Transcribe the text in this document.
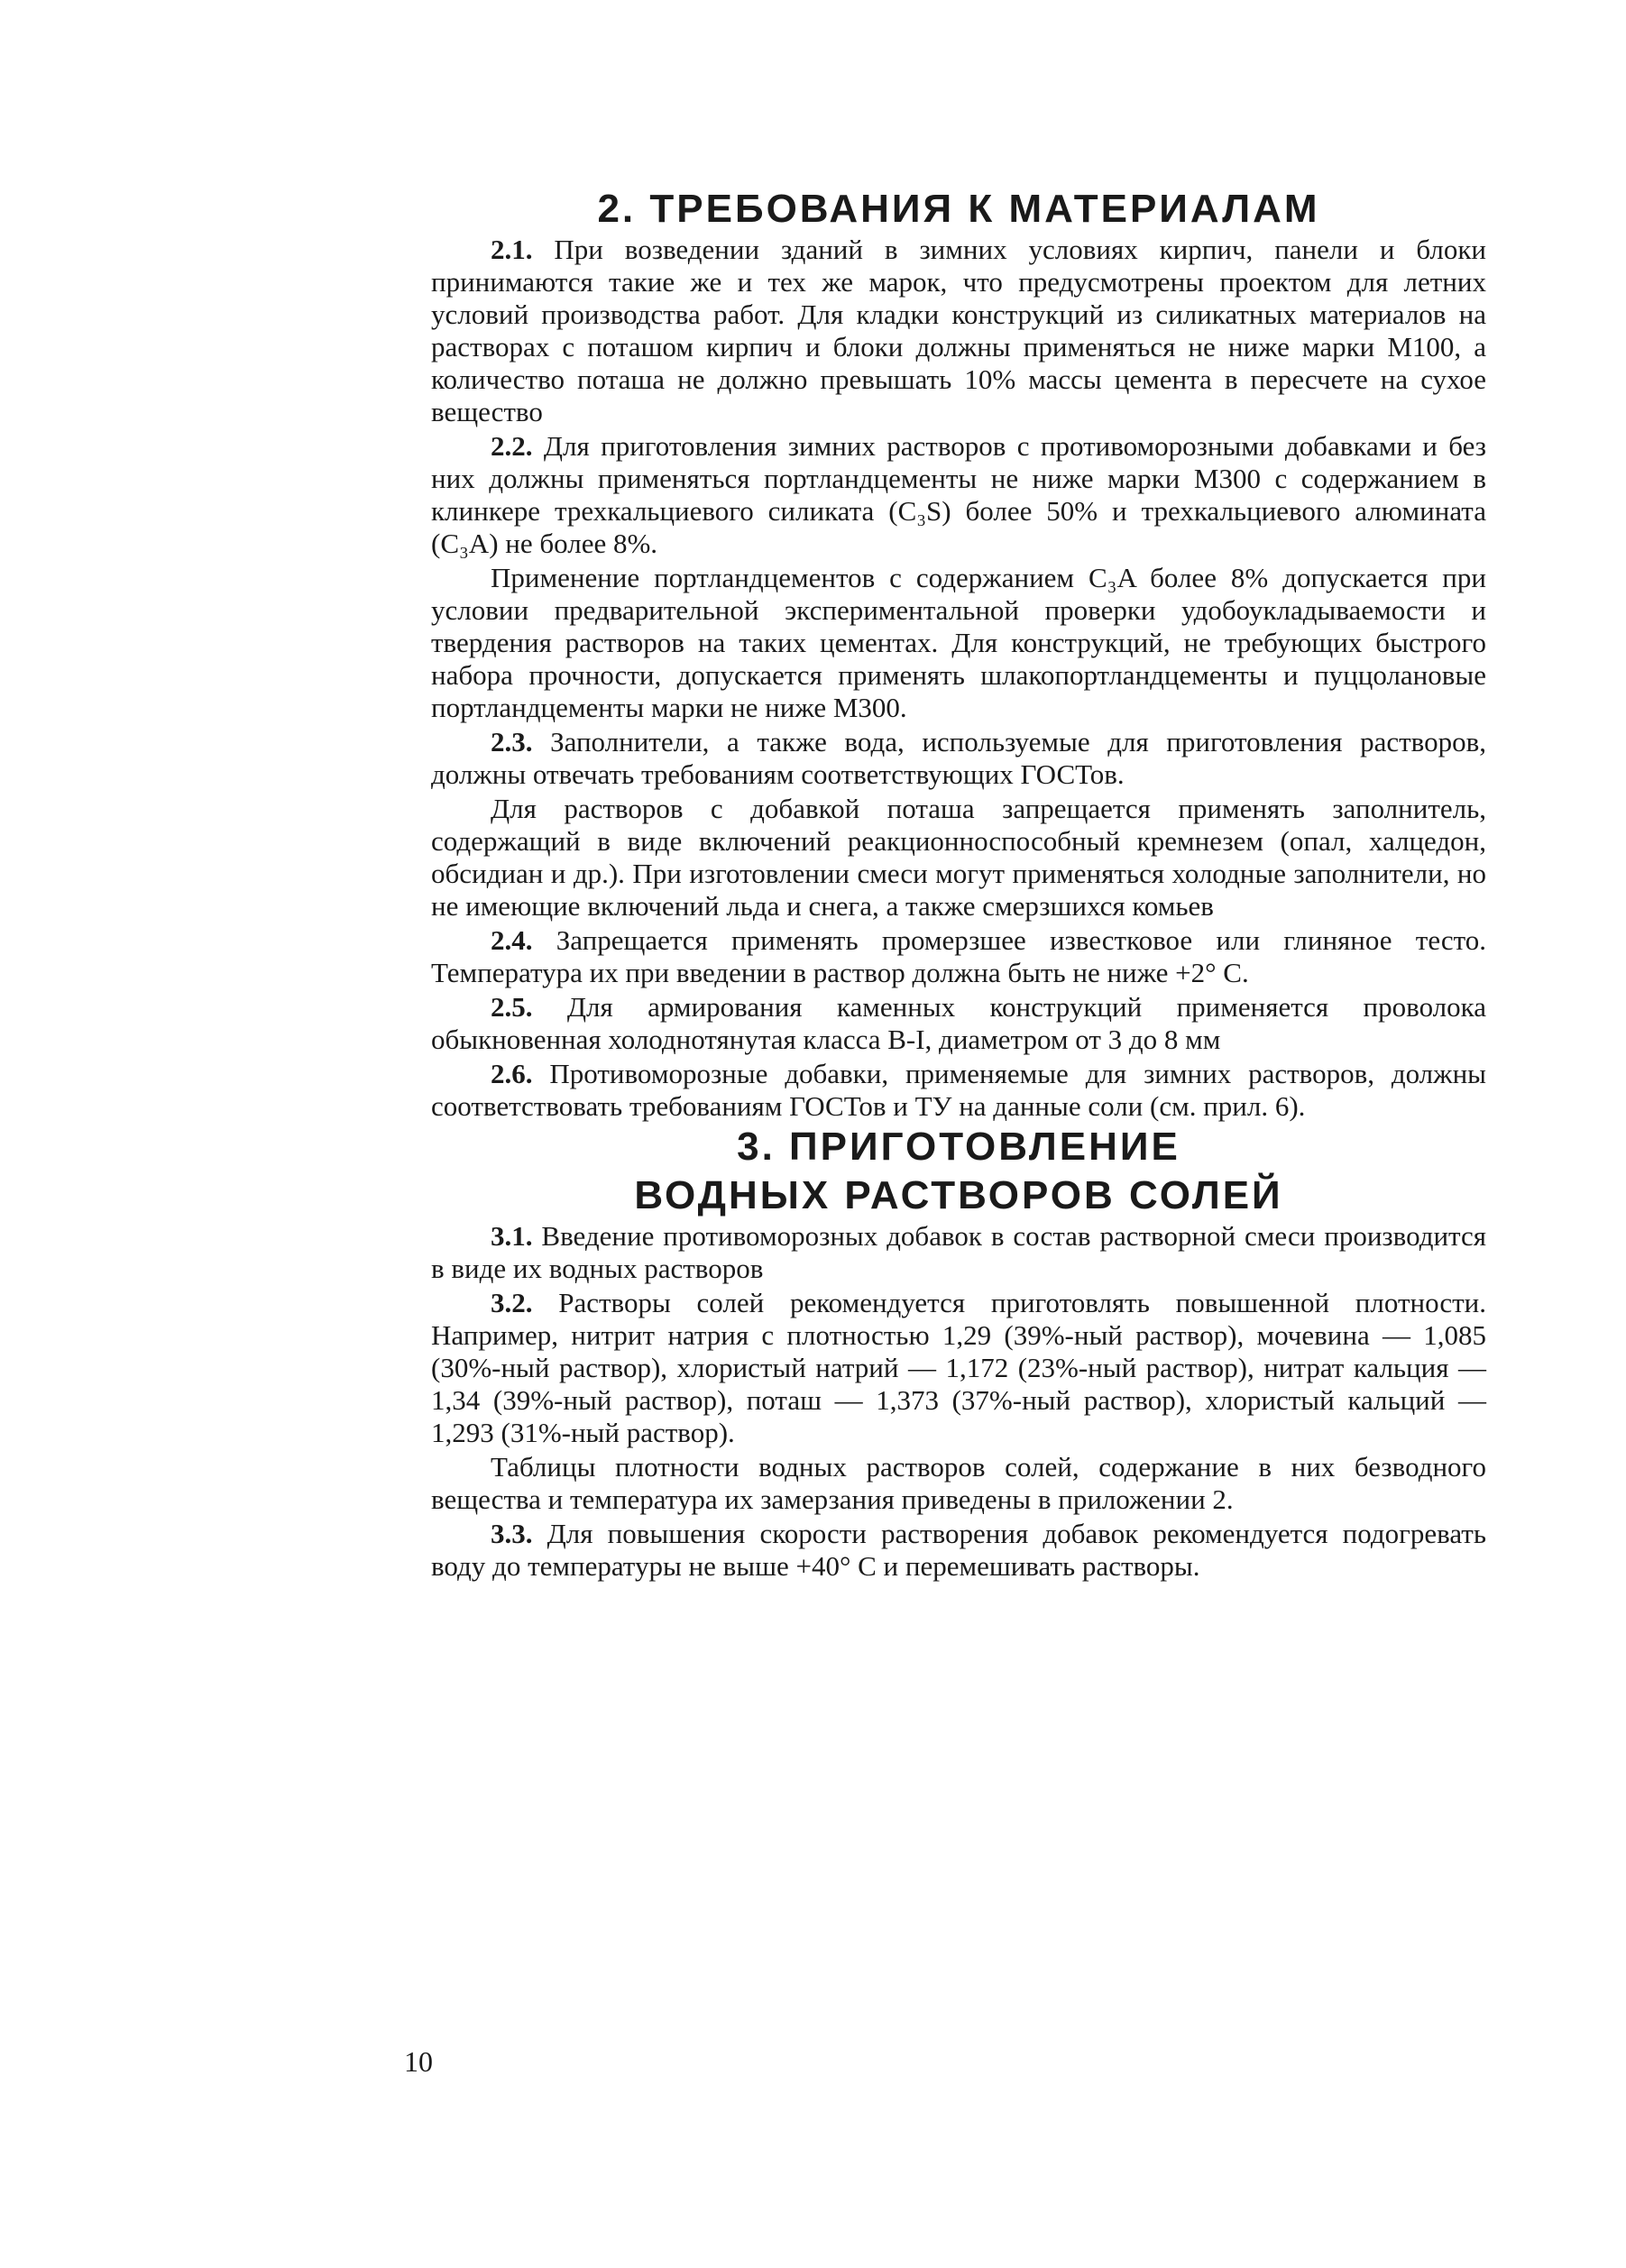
2. ТРЕБОВАНИЯ К МАТЕРИАЛАМ

2.1. При возведении зданий в зимних условиях кирпич, панели и блоки принимаются такие же и тех же марок, что предусмотрены проектом для летних условий производства работ. Для кладки конструкций из силикатных материалов на растворах с поташом кирпич и блоки должны применяться не ниже марки М100, а количество поташа не должно превышать 10% массы цемента в пересчете на сухое вещество

2.2. Для приготовления зимних растворов с противоморозными добавками и без них должны применяться портландцементы не ниже марки М300 с содержанием в клинкере трехкальциевого силиката (C₃S) более 50% и трехкальциевого алюмината (C₃A) не более 8%.

Применение портландцементов с содержанием C₃A более 8% допускается при условии предварительной экспериментальной проверки удобоукладываемости и твердения растворов на таких цементах. Для конструкций, не требующих быстрого набора прочности, допускается применять шлакопортландцементы и пуццолановые портландцементы марки не ниже М300.

2.3. Заполнители, а также вода, используемые для приготовления растворов, должны отвечать требованиям соответствующих ГОСТов.

Для растворов с добавкой поташа запрещается применять заполнитель, содержащий в виде включений реакционноспособный кремнезем (опал, халцедон, обсидиан и др.). При изготовлении смеси могут применяться холодные заполнители, но не имеющие включений льда и снега, а также смерзшихся комьев

2.4. Запрещается применять промерзшее известковое или глиняное тесто. Температура их при введении в раствор должна быть не ниже +2° С.

2.5. Для армирования каменных конструкций применяется проволока обыкновенная холоднотянутая класса В-I, диаметром от 3 до 8 мм

2.6. Противоморозные добавки, применяемые для зимних растворов, должны соответствовать требованиям ГОСТов и ТУ на данные соли (см. прил. 6).

3. ПРИГОТОВЛЕНИЕ
ВОДНЫХ РАСТВОРОВ СОЛЕЙ

3.1. Введение противоморозных добавок в состав растворной смеси производится в виде их водных растворов

3.2. Растворы солей рекомендуется приготовлять повышенной плотности. Например, нитрит натрия с плотностью 1,29 (39%-ный раствор), мочевина — 1,085 (30%-ный раствор), хлористый натрий — 1,172 (23%-ный раствор), нитрат кальция — 1,34 (39%-ный раствор), поташ — 1,373 (37%-ный раствор), хлористый кальций — 1,293 (31%-ный раствор).

Таблицы плотности водных растворов солей, содержание в них безводного вещества и температура их замерзания приведены в приложении 2.

3.3. Для повышения скорости растворения добавок рекомендуется подогревать воду до температуры не выше +40° С и перемешивать растворы.

10
